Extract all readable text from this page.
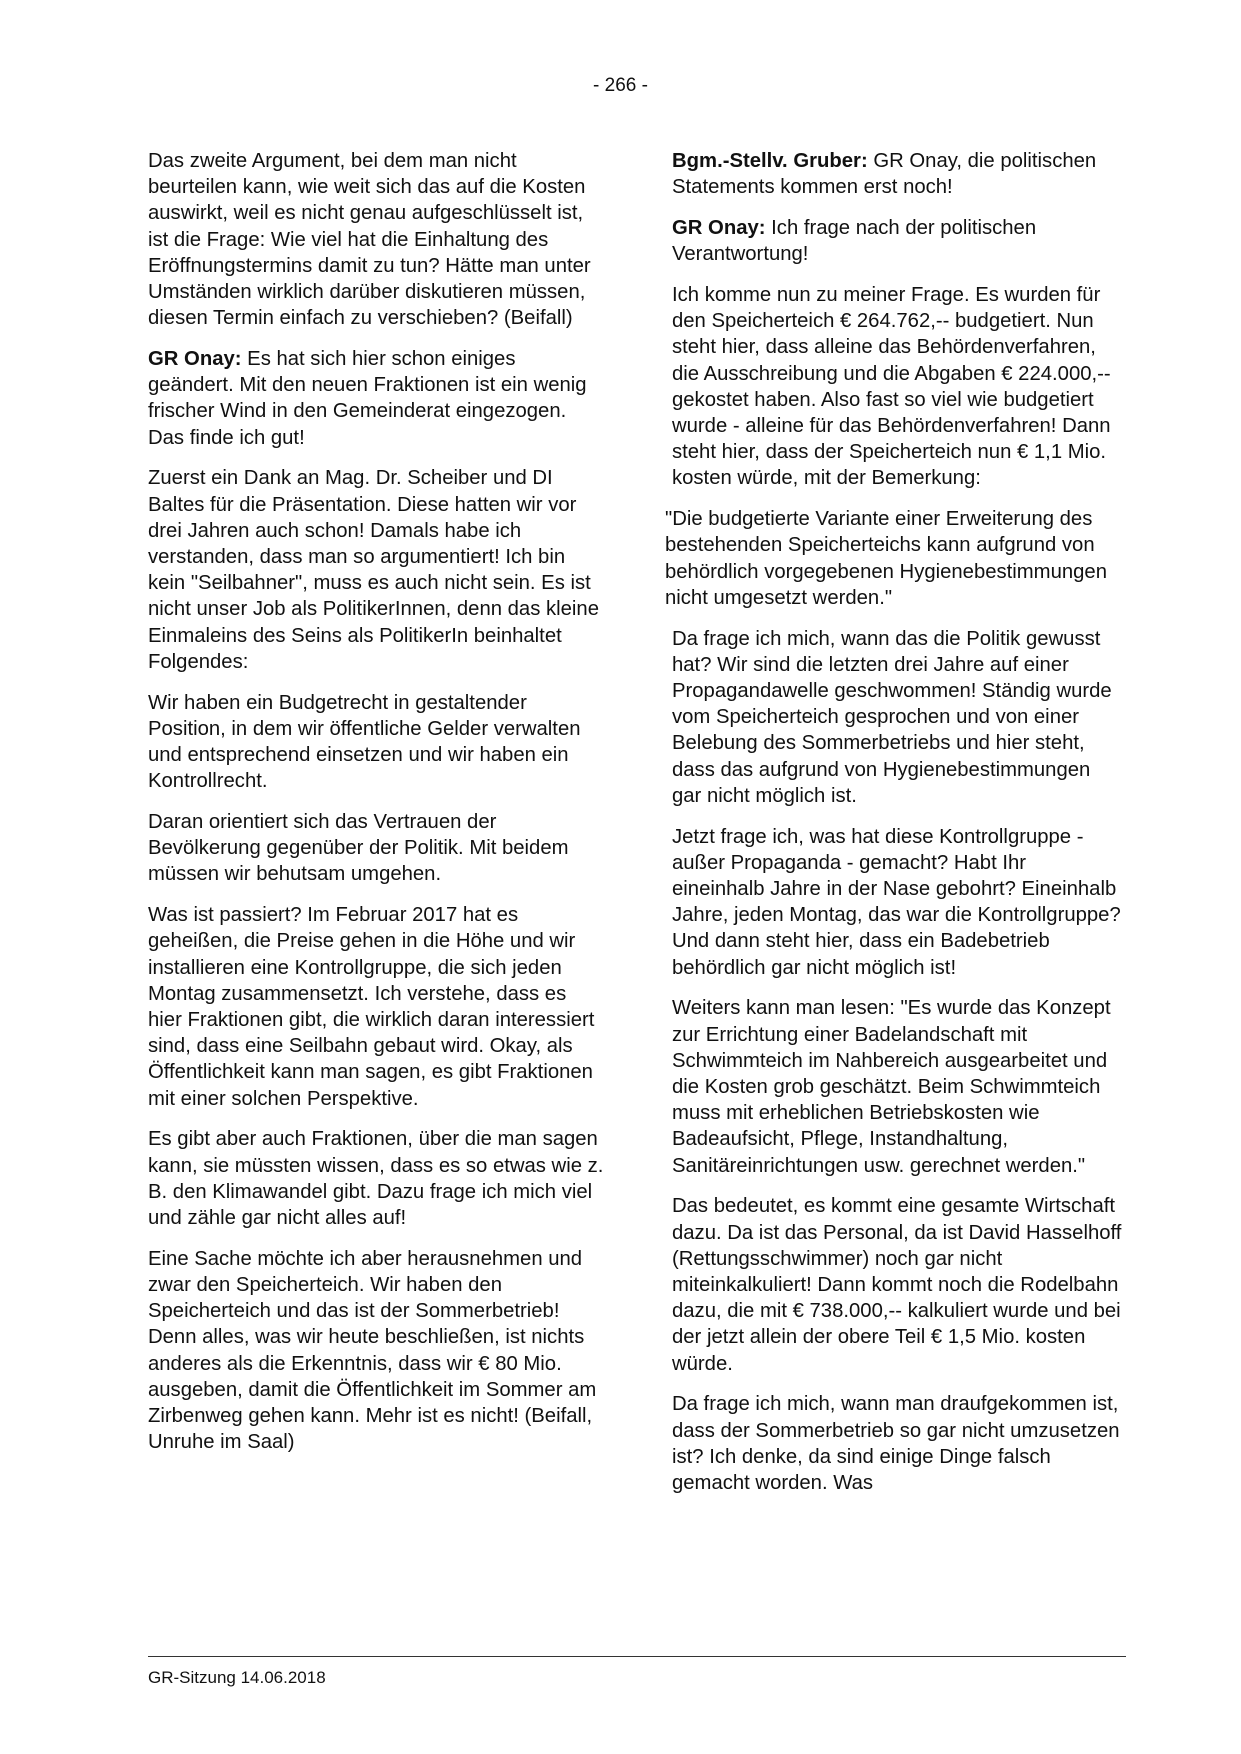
- 266 -

Das zweite Argument, bei dem man nicht beurteilen kann, wie weit sich das auf die Kosten auswirkt, weil es nicht genau aufgeschlüsselt ist, ist die Frage: Wie viel hat die Einhaltung des Eröffnungstermins damit zu tun? Hätte man unter Umständen wirklich darüber diskutieren müssen, diesen Termin einfach zu verschieben? (Beifall)

GR Onay: Es hat sich hier schon einiges geändert. Mit den neuen Fraktionen ist ein wenig frischer Wind in den Gemeinderat eingezogen. Das finde ich gut!

Zuerst ein Dank an Mag. Dr. Scheiber und DI Baltes für die Präsentation. Diese hatten wir vor drei Jahren auch schon! Damals habe ich verstanden, dass man so argumentiert! Ich bin kein "Seilbahner", muss es auch nicht sein. Es ist nicht unser Job als PolitikerInnen, denn das kleine Einmaleins des Seins als PolitikerIn beinhaltet Folgendes:

Wir haben ein Budgetrecht in gestaltender Position, in dem wir öffentliche Gelder verwalten und entsprechend einsetzen und wir haben ein Kontrollrecht.

Daran orientiert sich das Vertrauen der Bevölkerung gegenüber der Politik. Mit beidem müssen wir behutsam umgehen.

Was ist passiert? Im Februar 2017 hat es geheißen, die Preise gehen in die Höhe und wir installieren eine Kontrollgruppe, die sich jeden Montag zusammensetzt. Ich verstehe, dass es hier Fraktionen gibt, die wirklich daran interessiert sind, dass eine Seilbahn gebaut wird. Okay, als Öffentlichkeit kann man sagen, es gibt Fraktionen mit einer solchen Perspektive.

Es gibt aber auch Fraktionen, über die man sagen kann, sie müssten wissen, dass es so etwas wie z. B. den Klimawandel gibt. Dazu frage ich mich viel und zähle gar nicht alles auf!

Eine Sache möchte ich aber herausnehmen und zwar den Speicherteich. Wir haben den Speicherteich und das ist der Sommerbetrieb! Denn alles, was wir heute beschließen, ist nichts anderes als die Erkenntnis, dass wir € 80 Mio. ausgeben, damit die Öffentlichkeit im Sommer am Zirbenweg gehen kann. Mehr ist es nicht! (Beifall, Unruhe im Saal)

Bgm.-Stellv. Gruber: GR Onay, die politischen Statements kommen erst noch!

GR Onay: Ich frage nach der politischen Verantwortung!

Ich komme nun zu meiner Frage. Es wurden für den Speicherteich € 264.762,-- budgetiert. Nun steht hier, dass alleine das Behördenverfahren, die Ausschreibung und die Abgaben € 224.000,-- gekostet haben. Also fast so viel wie budgetiert wurde - alleine für das Behördenverfahren! Dann steht hier, dass der Speicherteich nun € 1,1 Mio. kosten würde, mit der Bemerkung:

"Die budgetierte Variante einer Erweiterung des bestehenden Speicherteichs kann aufgrund von behördlich vorgegebenen Hygienebestimmungen nicht umgesetzt werden."

Da frage ich mich, wann das die Politik gewusst hat? Wir sind die letzten drei Jahre auf einer Propagandawelle geschwommen! Ständig wurde vom Speicherteich gesprochen und von einer Belebung des Sommerbetriebs und hier steht, dass das aufgrund von Hygienebestimmungen gar nicht möglich ist.

Jetzt frage ich, was hat diese Kontrollgruppe - außer Propaganda - gemacht? Habt Ihr eineinhalb Jahre in der Nase gebohrt? Eineinhalb Jahre, jeden Montag, das war die Kontrollgruppe? Und dann steht hier, dass ein Badebetrieb behördlich gar nicht möglich ist!

Weiters kann man lesen: "Es wurde das Konzept zur Errichtung einer Badelandschaft mit Schwimmteich im Nahbereich ausgearbeitet und die Kosten grob geschätzt. Beim Schwimmteich muss mit erheblichen Betriebskosten wie Badeaufsicht, Pflege, Instandhaltung, Sanitäreinrichtungen usw. gerechnet werden."

Das bedeutet, es kommt eine gesamte Wirtschaft dazu. Da ist das Personal, da ist David Hasselhoff (Rettungsschwimmer) noch gar nicht miteinkalkuliert! Dann kommt noch die Rodelbahn dazu, die mit € 738.000,-- kalkuliert wurde und bei der jetzt allein der obere Teil € 1,5 Mio. kosten würde.

Da frage ich mich, wann man draufgekommen ist, dass der Sommerbetrieb so gar nicht umzusetzen ist? Ich denke, da sind einige Dinge falsch gemacht worden. Was

GR-Sitzung 14.06.2018
